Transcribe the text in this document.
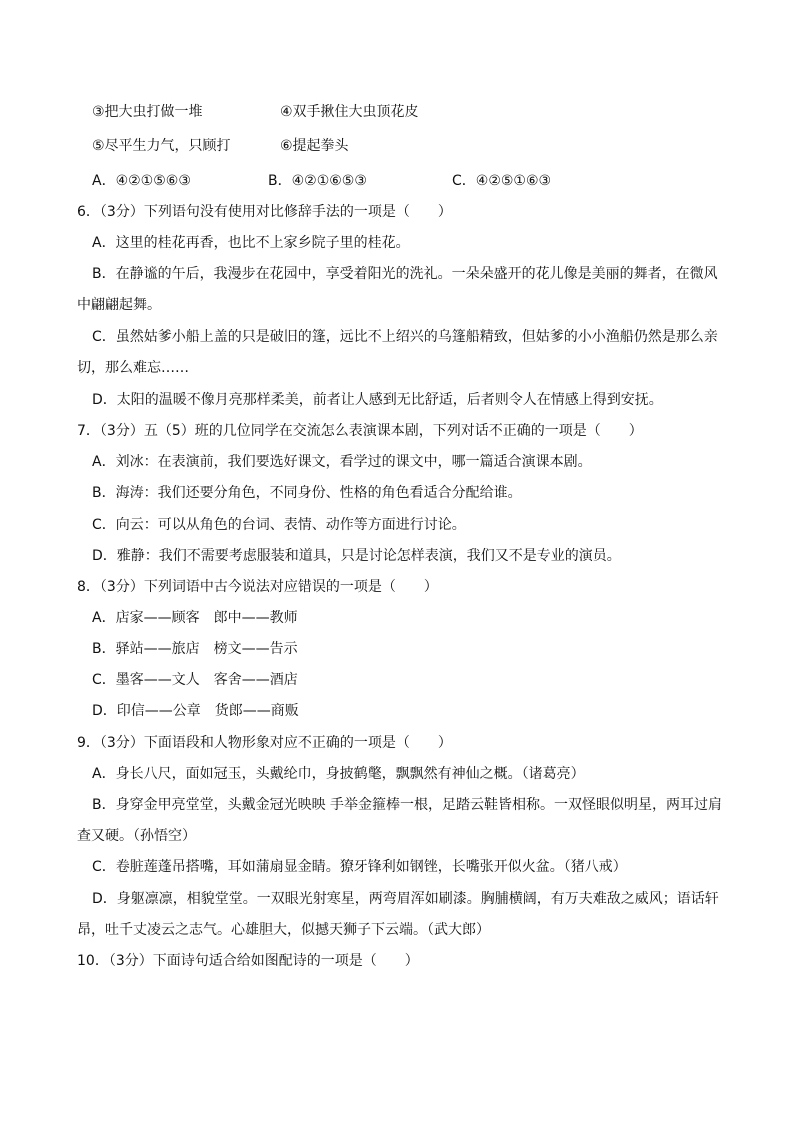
③把大虫打做一堆	④双手揪住大虫顶花皮
⑤尽平生力气，只顾打	⑥提起拳头
A．④②①⑤⑥③	B．④②①⑥⑤③	C．④②⑤①⑥③
6．（3分）下列语句没有使用对比修辞手法的一项是（　　）
A．这里的桂花再香，也比不上家乡院子里的桂花。
B．在静谧的午后，我漫步在花园中，享受着阳光的洗礼。一朵朵盛开的花儿像是美丽的舞者，在微风
中翩翩起舞。
C．虽然姑爹小船上盖的只是破旧的篷，远比不上绍兴的乌篷船精致，但姑爹的小小渔船仍然是那么亲
切，那么难忘……
D．太阳的温暖不像月亮那样柔美，前者让人感到无比舒适，后者则令人在情感上得到安抚。
7．（3分）五（5）班的几位同学在交流怎么表演课本剧，下列对话不正确的一项是（　　）
A．刘冰：在表演前，我们要选好课文，看学过的课文中，哪一篇适合演课本剧。
B．海涛：我们还要分角色，不同身份、性格的角色看适合分配给谁。
C．向云：可以从角色的台词、表情、动作等方面进行讨论。
D．雅静：我们不需要考虑服装和道具，只是讨论怎样表演，我们又不是专业的演员。
8．（3分）下列词语中古今说法对应错误的一项是（　　）
A．店家——顾客　郎中——教师
B．驿站——旅店　榜文——告示
C．墨客——文人　客舍——酒店
D．印信——公章　货郎——商贩
9．（3分）下面语段和人物形象对应不正确的一项是（　　）
A．身长八尺，面如冠玉，头戴纶巾，身披鹤氅，飘飘然有神仙之概。（诸葛亮）
B．身穿金甲亮堂堂，头戴金冠光映映 手举金箍棒一根，足踏云鞋皆相称。一双怪眼似明星，两耳过肩
查又硬。（孙悟空）
C．卷脏莲蓬吊搭嘴，耳如蒲扇显金睛。獠牙锋利如钢锉，长嘴张开似火盆。（猪八戒）
D．身躯凛凛，相貌堂堂。一双眼光射寒星，两弯眉浑如刷漆。胸脯横阔，有万夫难敌之威风；语话轩
昂，吐千丈凌云之志气。心雄胆大，似撼天狮子下云端。（武大郎）
10．（3分）下面诗句适合给如图配诗的一项是（　　）
